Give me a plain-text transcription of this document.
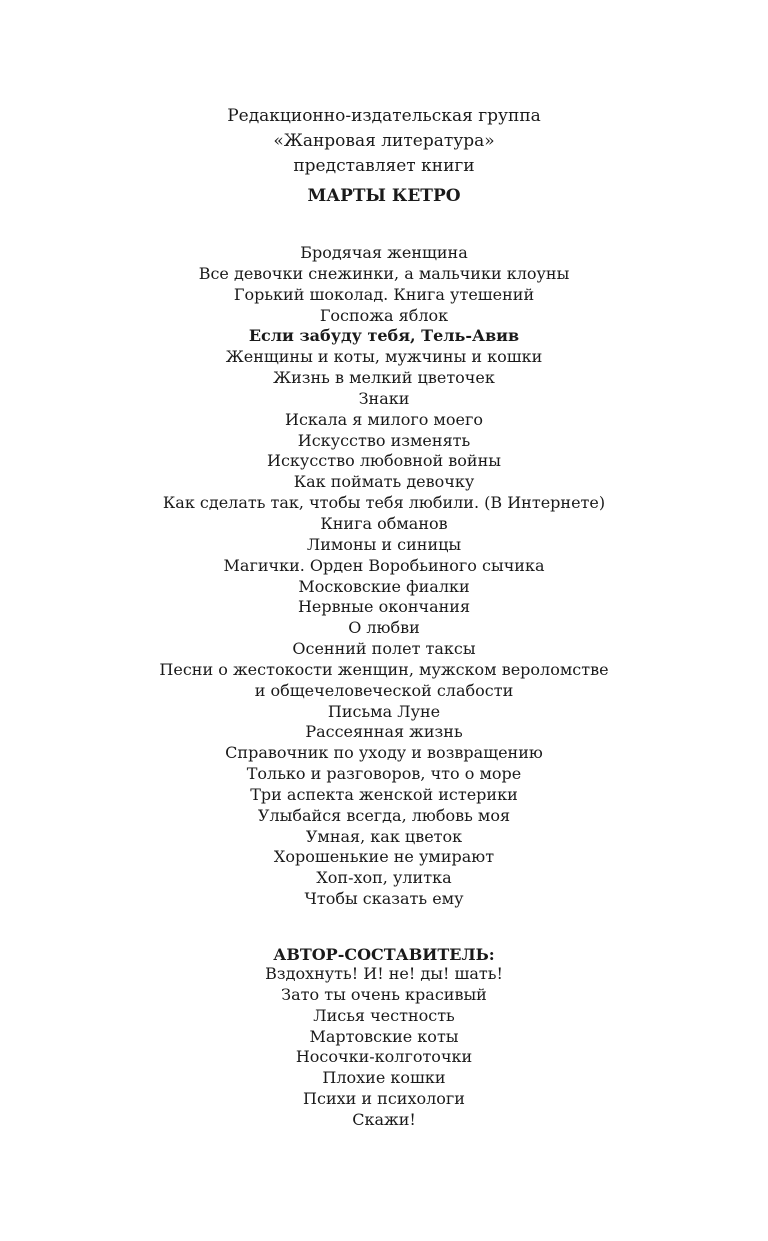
Редакционно-издательская группа
«Жанровая литература»
представляет книги
МАРТЫ КЕТРО
Бродячая женщина
Все девочки снежинки, а мальчики клоуны
Горький шоколад. Книга утешений
Госпожа яблок
Если забуду тебя, Тель-Авив
Женщины и коты, мужчины и кошки
Жизнь в мелкий цветочек
Знаки
Искала я милого моего
Искусство изменять
Искусство любовной войны
Как поймать девочку
Как сделать так, чтобы тебя любили. (В Интернете)
Книга обманов
Лимоны и синицы
Магички. Орден Воробьиного сычика
Московские фиалки
Нервные окончания
О любви
Осенний полет таксы
Песни о жестокости женщин, мужском вероломстве
и общечеловеческой слабости
Письма Луне
Рассеянная жизнь
Справочник по уходу и возвращению
Только и разговоров, что о море
Три аспекта женской истерики
Улыбайся всегда, любовь моя
Умная, как цветок
Хорошенькие не умирают
Хоп-хоп, улитка
Чтобы сказать ему
АВТОР-СОСТАВИТЕЛЬ:
Вздохнуть! И! не! ды! шать!
Зато ты очень красивый
Лисья честность
Мартовские коты
Носочки-колготочки
Плохие кошки
Психи и психологи
Скажи!
